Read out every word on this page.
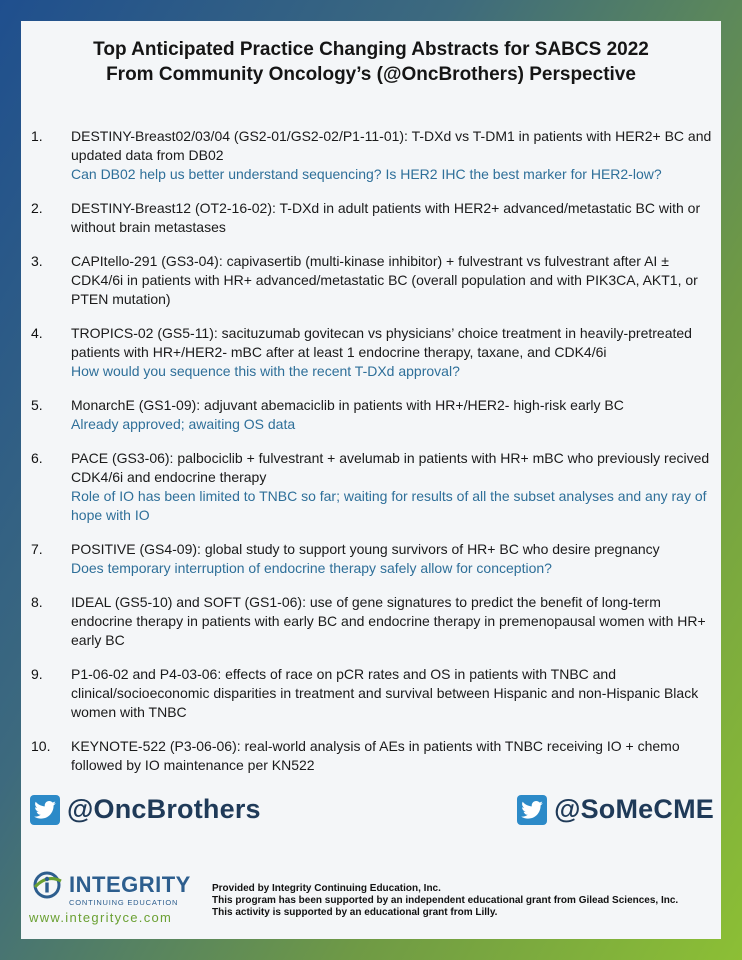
Top Anticipated Practice Changing Abstracts for SABCS 2022
From Community Oncology’s (@OncBrothers) Perspective
1.	DESTINY-Breast02/03/04 (GS2-01/GS2-02/P1-11-01): T-DXd vs T-DM1 in patients with HER2+ BC and updated data from DB02
Can DB02 help us better understand sequencing? Is HER2 IHC the best marker for HER2-low?
2.	DESTINY-Breast12 (OT2-16-02): T-DXd in adult patients with HER2+ advanced/metastatic BC with or without brain metastases
3.	CAPItello-291 (GS3-04): capivasertib (multi-kinase inhibitor) + fulvestrant vs fulvestrant after AI ± CDK4/6i in patients with HR+ advanced/metastatic BC (overall population and with PIK3CA, AKT1, or PTEN mutation)
4.	TROPICS-02 (GS5-11): sacituzumab govitecan vs physicians’ choice treatment in heavily-pretreated patients with HR+/HER2- mBC after at least 1 endocrine therapy, taxane, and CDK4/6i
How would you sequence this with the recent T-DXd approval?
5.	MonarchE (GS1-09): adjuvant abemaciclib in patients with HR+/HER2- high-risk early BC
Already approved; awaiting OS data
6.	PACE (GS3-06): palbociclib + fulvestrant + avelumab in patients with HR+ mBC who previously recived CDK4/6i and endocrine therapy
Role of IO has been limited to TNBC so far; waiting for results of all the subset analyses and any ray of hope with IO
7.	POSITIVE (GS4-09): global study to support young survivors of HR+ BC who desire pregnancy
Does temporary interruption of endocrine therapy safely allow for conception?
8.	IDEAL (GS5-10) and SOFT (GS1-06): use of gene signatures to predict the benefit of long-term endocrine therapy in patients with early BC and endocrine therapy in premenopausal women with HR+ early BC
9.	P1-06-02 and P4-03-06: effects of race on pCR rates and OS in patients with TNBC and clinical/socioeconomic disparities in treatment and survival between Hispanic and non-Hispanic Black women with TNBC
10.	KEYNOTE-522 (P3-06-06): real-world analysis of AEs in patients with TNBC receiving IO + chemo followed by IO maintenance per KN522
@OncBrothers	@SoMeCME
INTEGRITY
CONTINUING EDUCATION
www.integrityce.com
Provided by Integrity Continuing Education, Inc.
This program has been supported by an independent educational grant from Gilead Sciences, Inc.
This activity is supported by an educational grant from Lilly.
